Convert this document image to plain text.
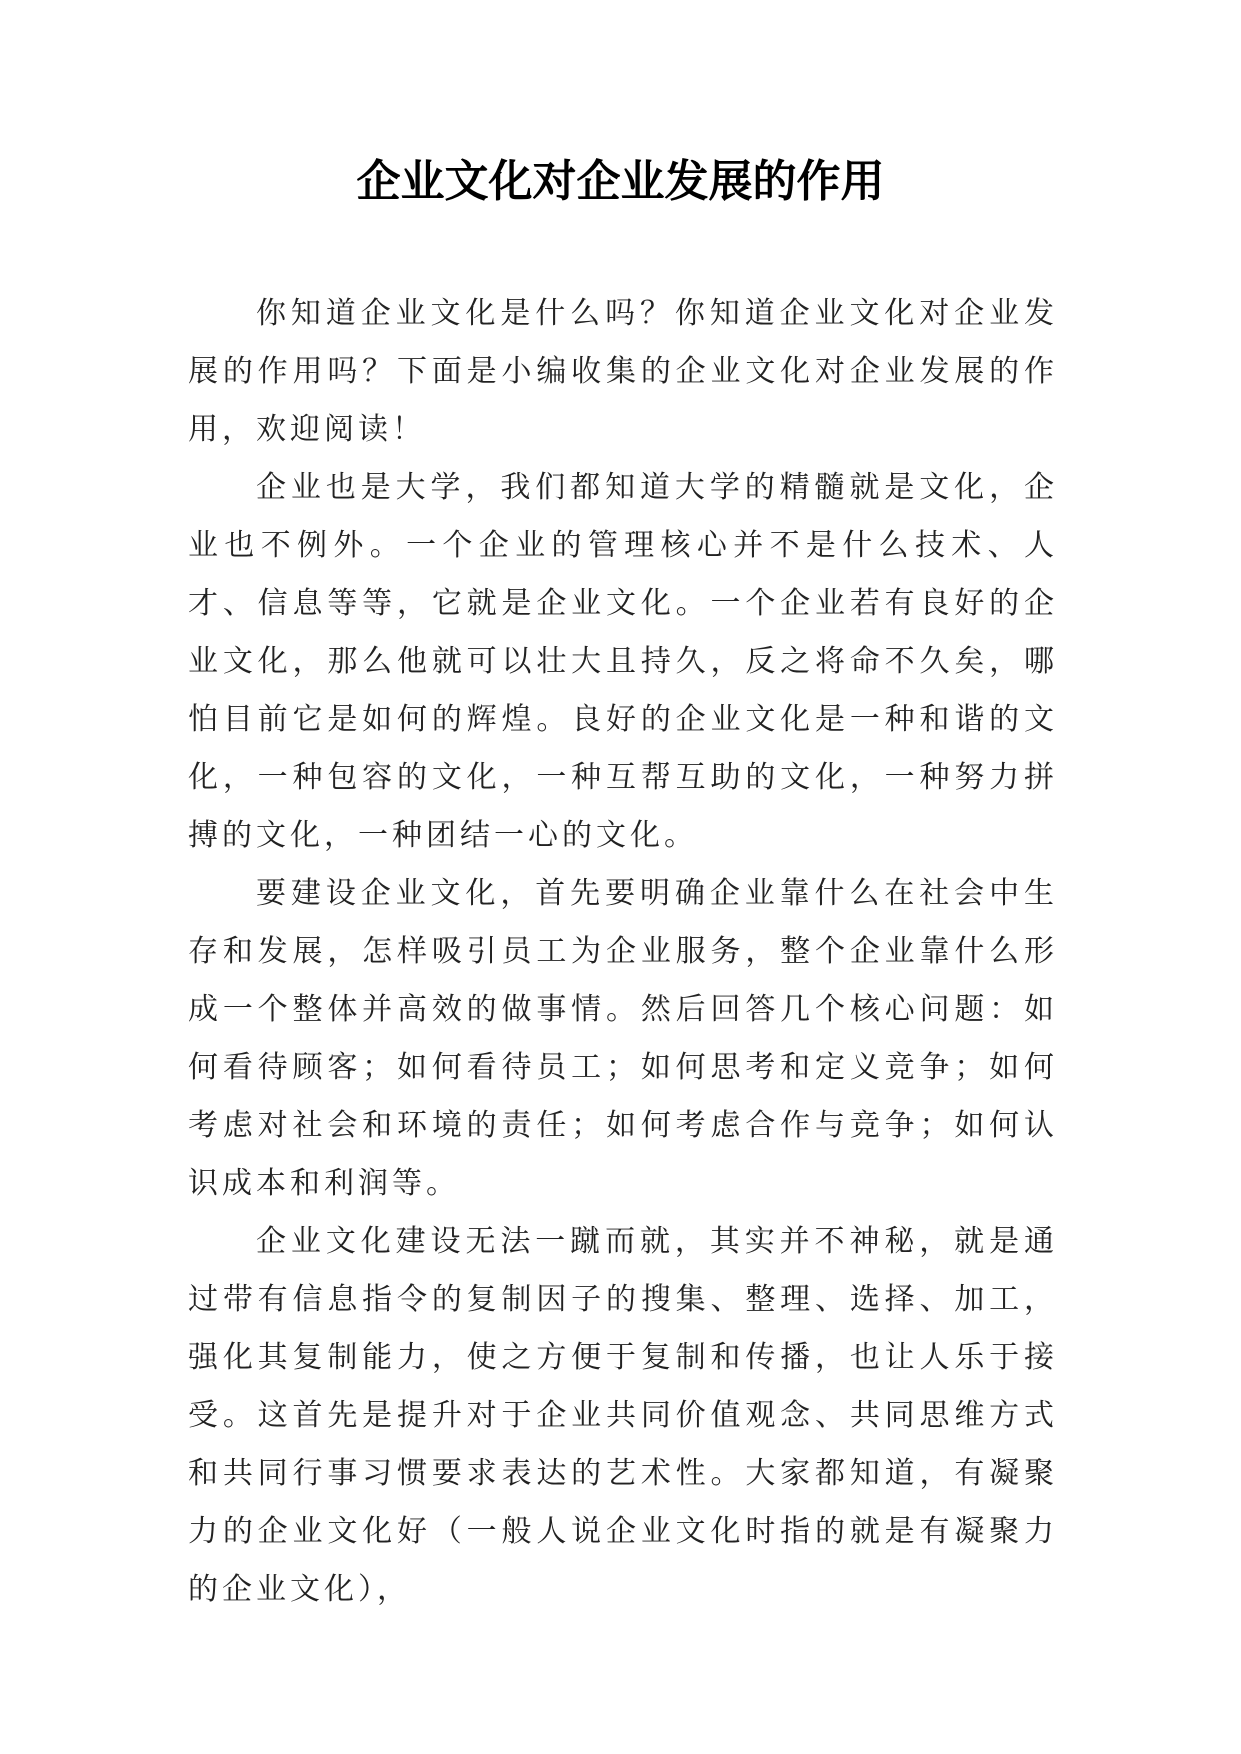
企业文化对企业发展的作用

你知道企业文化是什么吗？你知道企业文化对企业发展的作用吗？下面是小编收集的企业文化对企业发展的作用，欢迎阅读！

企业也是大学，我们都知道大学的精髓就是文化，企业也不例外。一个企业的管理核心并不是什么技术、人才、信息等等，它就是企业文化。一个企业若有良好的企业文化，那么他就可以壮大且持久，反之将命不久矣，哪怕目前它是如何的辉煌。良好的企业文化是一种和谐的文化，一种包容的文化，一种互帮互助的文化，一种努力拼搏的文化，一种团结一心的文化。

要建设企业文化，首先要明确企业靠什么在社会中生存和发展，怎样吸引员工为企业服务，整个企业靠什么形成一个整体并高效的做事情。然后回答几个核心问题：如何看待顾客；如何看待员工；如何思考和定义竞争；如何考虑对社会和环境的责任；如何考虑合作与竞争；如何认识成本和利润等。

企业文化建设无法一蹴而就，其实并不神秘，就是通过带有信息指令的复制因子的搜集、整理、选择、加工，强化其复制能力，使之方便于复制和传播，也让人乐于接受。这首先是提升对于企业共同价值观念、共同思维方式和共同行事习惯要求表达的艺术性。大家都知道，有凝聚力的企业文化好（一般人说企业文化时指的就是有凝聚力的企业文化），
